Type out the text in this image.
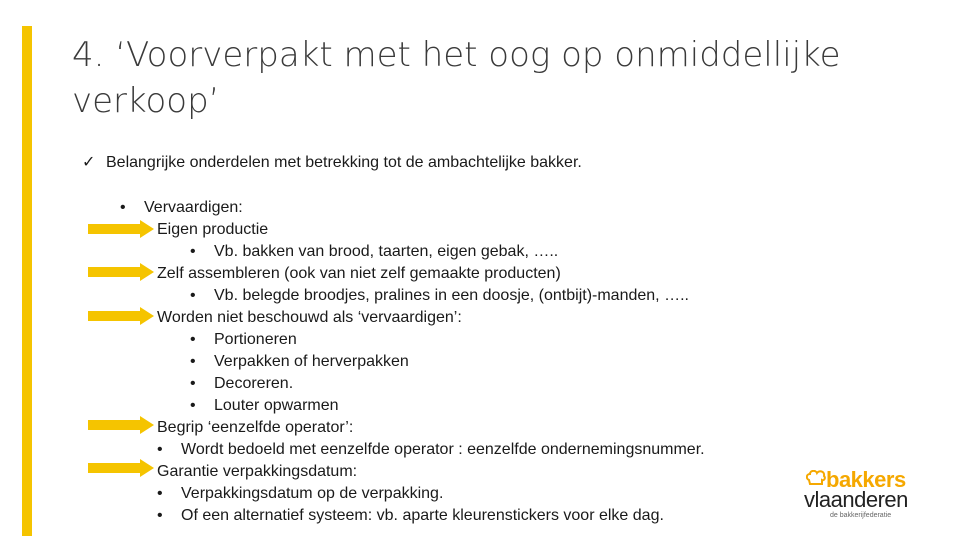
4. ‘Voorverpakt met het oog op onmiddellijke
verkoop’
✓ Belangrijke onderdelen met betrekking tot de ambachtelijke bakker.
• Vervaardigen:
Eigen productie
• Vb. bakken van brood, taarten, eigen gebak, …..
Zelf assembleren (ook van niet zelf gemaakte producten)
• Vb. belegde broodjes, pralines in een doosje, (ontbijt)-manden, …..
Worden niet beschouwd als ‘vervaardigen’:
• Portioneren
• Verpakken of herverpakken
• Decoreren.
• Louter opwarmen
Begrip ‘eenzelfde operator’:
• Wordt bedoeld met eenzelfde operator : eenzelfde ondernemingsnummer.
Garantie verpakkingsdatum:
• Verpakkingsdatum op de verpakking.
• Of een alternatief systeem: vb. aparte kleurenstickers voor elke dag.
bakkers
vlaanderen
de bakkerijfederatie
